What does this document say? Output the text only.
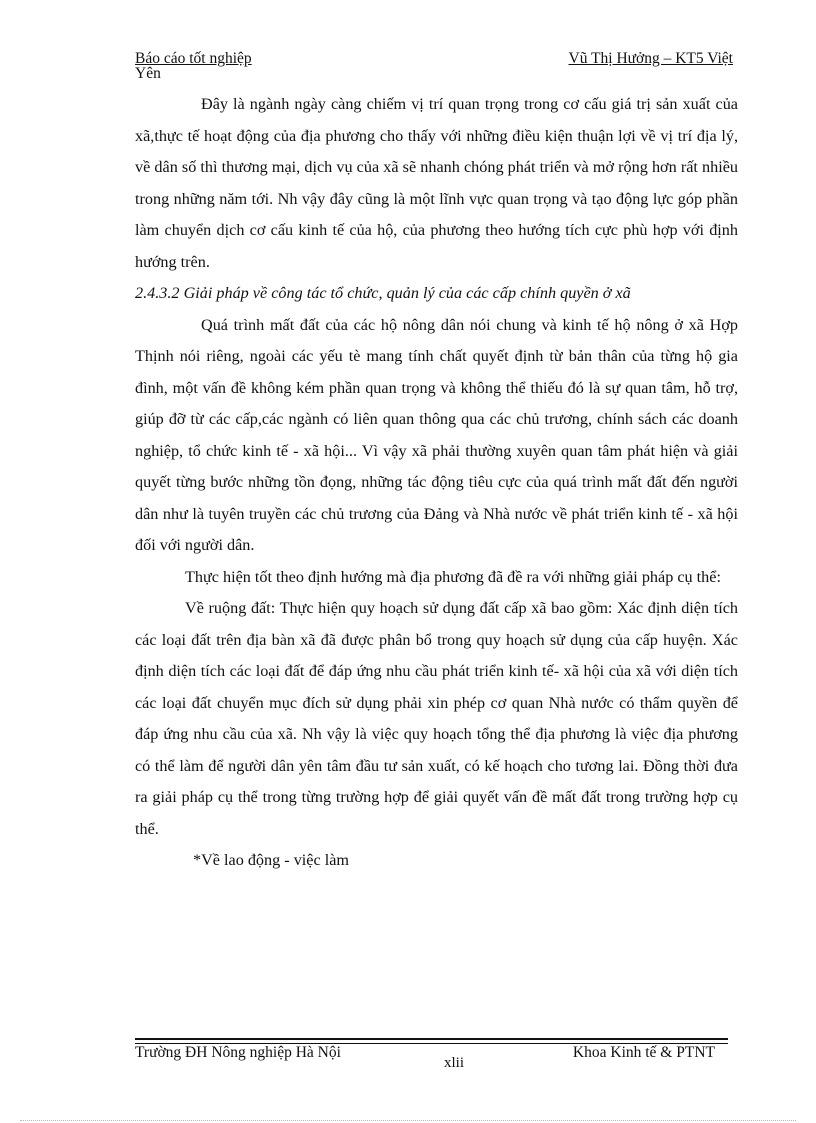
Báo cáo tốt nghiệp	Vũ Thị Hưởng – KT5 Việt
Yên

Đây là ngành ngày càng chiếm vị trí quan trọng trong cơ cấu giá trị sản xuất của xã,thực tế hoạt động của địa phương cho thấy với những điều kiện thuận lợi về vị trí địa lý, về dân số thì thương mại, dịch vụ của xã sẽ nhanh chóng phát triển và mở rộng hơn rất nhiều trong những năm tới. Nh vậy đây cũng là một lĩnh vực quan trọng và tạo động lực góp phần làm chuyển dịch cơ cấu kinh tế của hộ, của phương theo hướng tích cực phù hợp với định hướng trên.

2.4.3.2 Giải pháp về công tác tổ chức, quản lý của các cấp chính quyền ở xã

Quá trình mất đất của các hộ nông dân nói chung và kinh tế hộ nông ở xã Hợp Thịnh nói riêng, ngoài các yếu tè mang tính chất quyết định từ bản thân của từng hộ gia đình, một vấn đề không kém phần quan trọng và không thể thiếu đó là sự quan tâm, hỗ trợ, giúp đỡ từ các cấp,các ngành có liên quan thông qua các chủ trương, chính sách các doanh nghiệp, tổ chức kinh tế - xã hội... Vì vậy xã phải thường xuyên quan tâm phát hiện và giải quyết từng bước những tồn đọng, những tác động tiêu cực của quá trình mất đất đến người dân như là tuyên truyền các chủ trương của Đảng và Nhà nước về phát triển kinh tế - xã hội đối với người dân.

Thực hiện tốt theo định hướng mà địa phương đã đề ra với những giải pháp cụ thể:

Về ruộng đất: Thực hiện quy hoạch sử dụng đất cấp xã bao gồm: Xác định diện tích các loại đất trên địa bàn xã đã được phân bổ trong quy hoạch sử dụng của cấp huyện. Xác định diện tích các loại đất để đáp ứng nhu cầu phát triển kinh tế- xã hội của xã với diện tích các loại đất chuyển mục đích sử dụng phải xin phép cơ quan Nhà nước có thẩm quyền để đáp ứng nhu cầu của xã. Nh vậy là việc quy hoạch tổng thể địa phương là việc địa phương có thể làm để người dân yên tâm đầu tư sản xuất, có kế hoạch cho tương lai. Đồng thời đưa ra giải pháp cụ thể trong từng trường hợp để giải quyết vấn đề mất đất trong trường hợp cụ thể.

*Về lao động - việc làm

Trường ĐH Nông nghiệp Hà Nội	Khoa Kinh tế & PTNT
xlii
